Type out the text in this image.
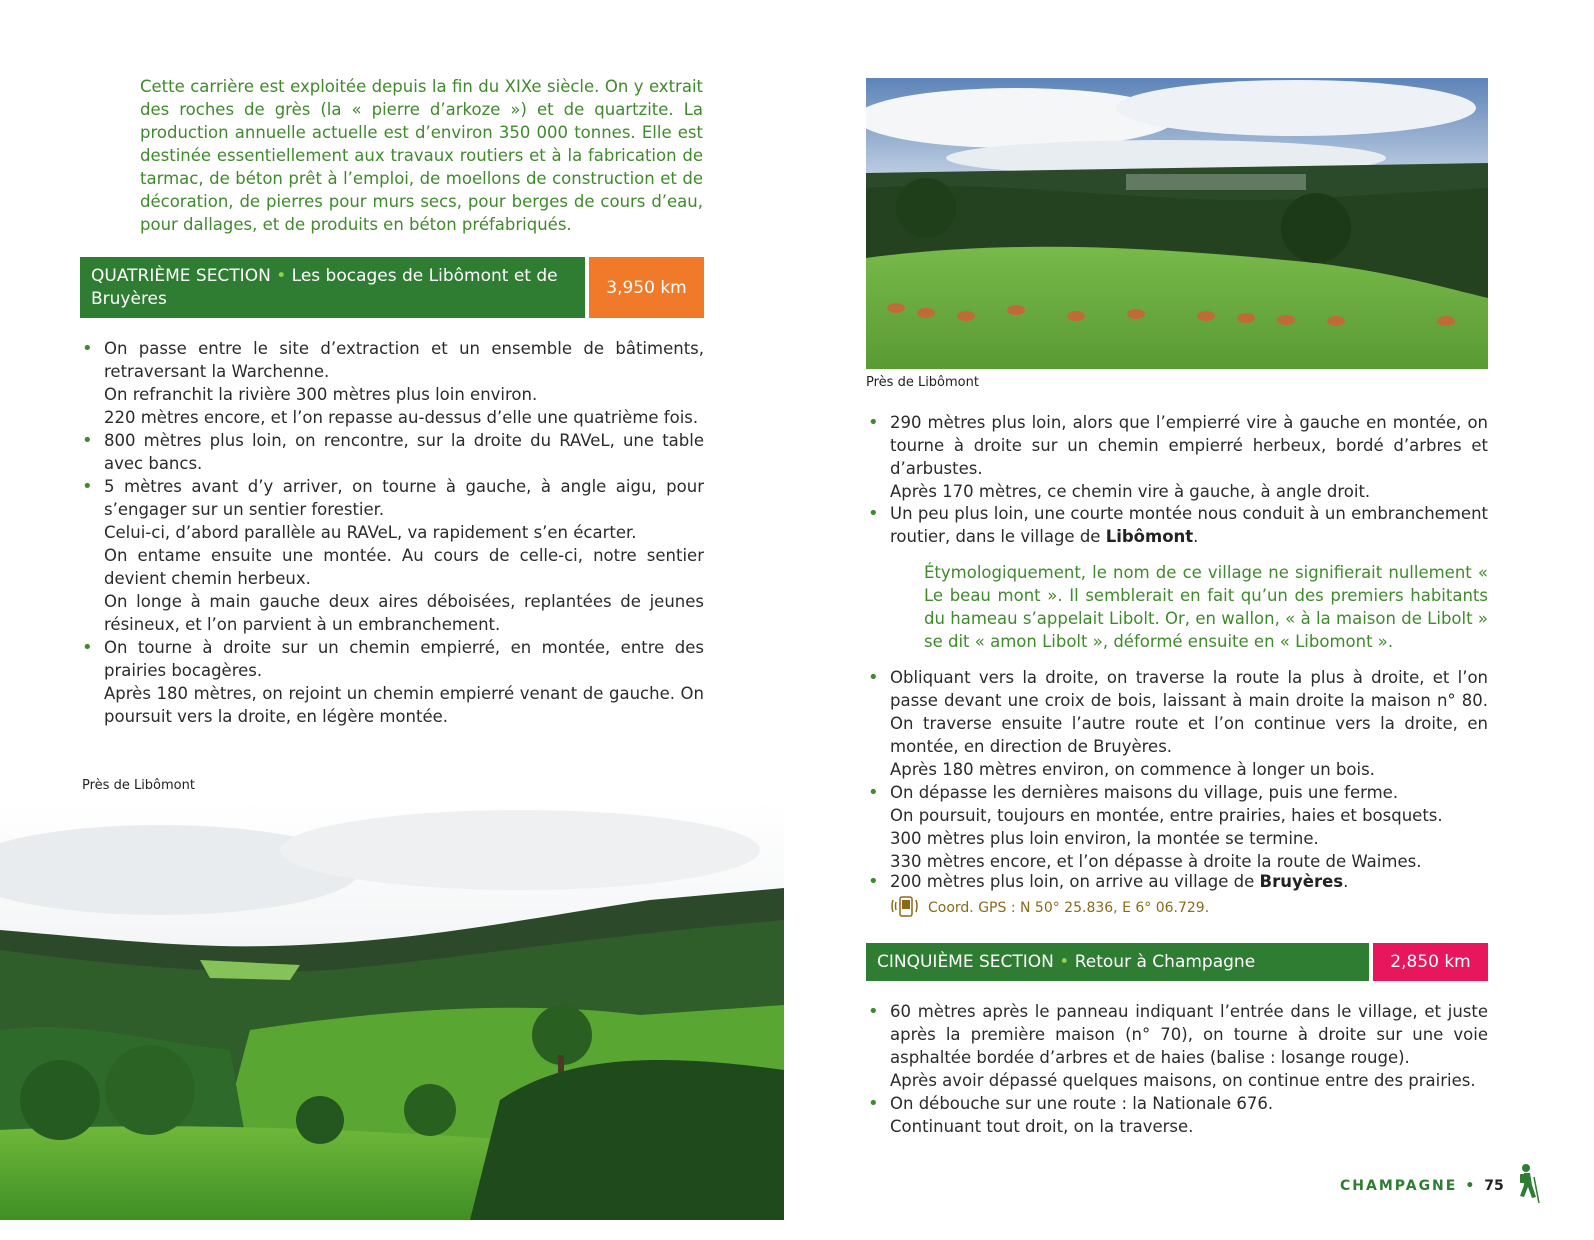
Cette carrière est exploitée depuis la fin du XIXe siècle. On y extrait des roches de grès (la « pierre d’arkoze ») et de quartzite. La production annuelle actuelle est d’environ 350 000 tonnes. Elle est destinée essentiellement aux travaux routiers et à la fabrication de tarmac, de béton prêt à l’emploi, de moellons de construction et de décoration, de pierres pour murs secs, pour berges de cours d’eau, pour dallages, et de produits en béton préfabriqués.

QUATRIÈME SECTION • Les bocages de Libômont et de Bruyères
3,950 km
• On passe entre le site d’extraction et un ensemble de bâtiments, retraversant la Warchenne.
On refranchit la rivière 300 mètres plus loin environ.
220 mètres encore, et l’on repasse au-dessus d’elle une quatrième fois.
• 800 mètres plus loin, on rencontre, sur la droite du RAVeL, une table avec bancs.
• 5 mètres avant d’y arriver, on tourne à gauche, à angle aigu, pour s’engager sur un sentier forestier.
Celui-ci, d’abord parallèle au RAVeL, va rapidement s’en écarter.
On entame ensuite une montée. Au cours de celle-ci, notre sentier devient chemin herbeux.
On longe à main gauche deux aires déboisées, replantées de jeunes résineux, et l’on parvient à un embranchement.
• On tourne à droite sur un chemin empierré, en montée, entre des prairies bocagères.
Après 180 mètres, on rejoint un chemin empierré venant de gauche. On poursuit vers la droite, en légère montée.
Près de Libômont
Près de Libômont
• 290 mètres plus loin, alors que l’empierré vire à gauche en montée, on tourne à droite sur un chemin empierré herbeux, bordé d’arbres et d’arbustes.
Après 170 mètres, ce chemin vire à gauche, à angle droit.
• Un peu plus loin, une courte montée nous conduit à un embranchement routier, dans le village de Libômont.

Étymologiquement, le nom de ce village ne signifierait nullement « Le beau mont ». Il semblerait en fait qu’un des premiers habitants du hameau s’appelait Libolt. Or, en wallon, « à la maison de Libolt » se dit « amon Libolt », déformé ensuite en « Libomont ».

• Obliquant vers la droite, on traverse la route la plus à droite, et l’on passe devant une croix de bois, laissant à main droite la maison n° 80. On traverse ensuite l’autre route et l’on continue vers la droite, en montée, en direction de Bruyères.
Après 180 mètres environ, on commence à longer un bois.
• On dépasse les dernières maisons du village, puis une ferme.
On poursuit, toujours en montée, entre prairies, haies et bosquets.
300 mètres plus loin environ, la montée se termine.
330 mètres encore, et l’on dépasse à droite la route de Waimes.
• 200 mètres plus loin, on arrive au village de Bruyères.
Coord. GPS : N 50° 25.836, E 6° 06.729.
CINQUIÈME SECTION • Retour à Champagne	2,850 km
• 60 mètres après le panneau indiquant l’entrée dans le village, et juste après la première maison (n° 70), on tourne à droite sur une voie asphaltée bordée d’arbres et de haies (balise : losange rouge).
Après avoir dépassé quelques maisons, on continue entre des prairies.
• On débouche sur une route : la Nationale 676.
Continuant tout droit, on la traverse.
CHAMPAGNE • 75
